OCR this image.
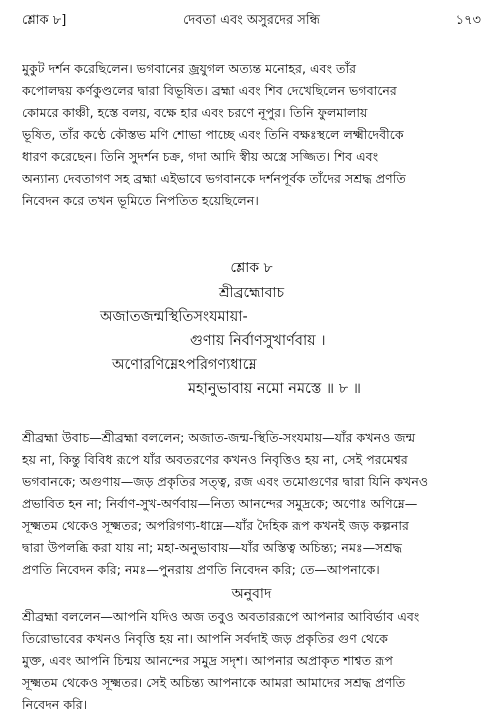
শ্লোক ৮]	দেবতা এবং অসুরদের সন্ধি	১৭৩
মুকুট দর্শন করেছিলেন। ভগবানের জ্রযুগল অত্যন্ত মনোহর, এবং তাঁর
কপোলদ্বয় কর্ণকুণ্ডলের দ্বারা বিভূষিত। ব্রহ্মা এবং শিব দেখেছিলেন ভগবানের
কোমরে কাঞ্চী, হস্তে বলয়, বক্ষে হার এবং চরণে নূপুর। তিনি ফুলমালায়
ভূষিত, তাঁর কণ্ঠে কৌস্তভ মণি শোভা পাচ্ছে এবং তিনি বক্ষঃস্থলে লক্ষ্মীদেবীকে
ধারণ করেছেন। তিনি সুদর্শন চক্র, গদা আদি স্বীয় অস্ত্রে সজ্জিত। শিব এবং
অন্যান্য দেবতাগণ সহ ব্রহ্মা এইভাবে ভগবানকে দর্শনপূর্বক তাঁদের সশ্রদ্ধ প্রণতি
নিবেদন করে তখন ভূমিতে নিপতিত হয়েছিলেন।
শ্লোক ৮
শ্রীব্রহ্মোবাচ
অজাতজন্মস্থিতিসংযমায়া-
গুণায় নির্বাণসুখার্ণবায় ।
অণোরণিম্নেঽপরিগণ্যধাম্নে
মহানুভাবায় নমো নমস্তে ॥ ৮ ॥
শ্রীব্রহ্মা উবাচ—শ্রীব্রহ্মা বললেন; অজাত-জন্ম-স্থিতি-সংযমায়—যাঁর কখনও জন্ম
হয় না, কিন্তু বিবিধ রূপে যাঁর অবতরণের কখনও নিবৃত্তিও হয় না, সেই পরমেশ্বর
ভগবানকে; অগুণায়—জড় প্রকৃতির সত্ত্ব, রজ এবং তমোগুণের দ্বারা যিনি কখনও
প্রভাবিত হন না; নির্বাণ-সুখ-অর্ণবায়—নিত্য আনন্দের সমুদ্রকে; অণোঃ অণিম্নে—
সূক্ষ্মতম থেকেও সূক্ষ্মতর; অপরিগণ্য-ধাম্নে—যাঁর দৈহিক রূপ কখনই জড় কল্পনার
দ্বারা উপলব্ধি করা যায় না; মহা-অনুভাবায়—যাঁর অস্তিত্ব অচিন্ত্য; নমঃ—সশ্রদ্ধ
প্রণতি নিবেদন করি; নমঃ—পুনরায় প্রণতি নিবেদন করি; তে—আপনাকে।
অনুবাদ
শ্রীব্রহ্মা বললেন—আপনি যদিও অজ তবুও অবতাররূপে আপনার আবির্ভাব এবং
তিরোভাবের কখনও নিবৃত্তি হয় না। আপনি সর্বদাই জড় প্রকৃতির গুণ থেকে
মুক্ত, এবং আপনি চিন্ময় আনন্দের সমুদ্র সদৃশ। আপনার অপ্রাকৃত শাশ্বত রূপ
সূক্ষ্মতম থেকেও সূক্ষ্মতর। সেই অচিন্ত্য আপনাকে আমরা আমাদের সশ্রদ্ধ প্রণতি
নিবেদন করি।
